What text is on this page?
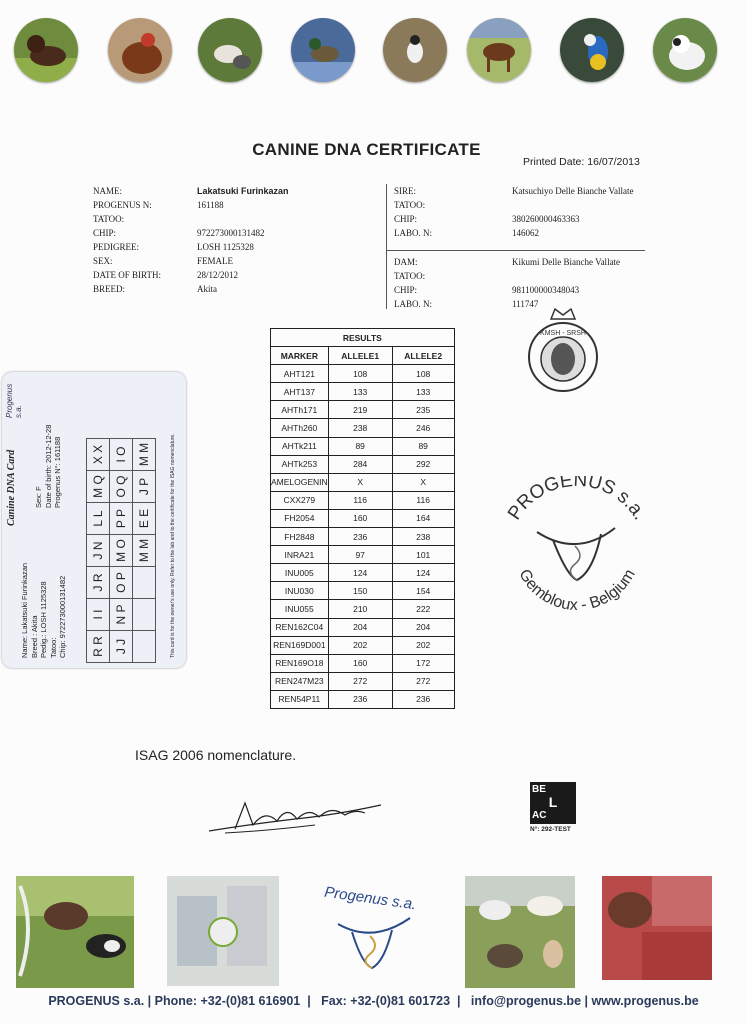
CANINE DNA CERTIFICATE
Printed Date: 16/07/2013
NAME:	Lakatsuki Furinkazan
PROGENUS N:	161188
TATOO:
CHIP:	972273000131482
PEDIGREE:	LOSH 1125328
SEX:	FEMALE
DATE OF BIRTH:	28/12/2012
BREED:	Akita
SIRE:	Katsuchiyo Delle Bianche Vallate
TATOO:
CHIP:	380260000463363
LABO. N:	146062
DAM:	Kikumi Delle Bianche Vallate
TATOO:
CHIP:	981100000348043
LABO. N:	111747
KMSH - SRSH
RESULTS		
MARKER	ALLELE1	ALLELE2
AHT121	108	108
AHT137	133	133
AHTh171	219	235
AHTh260	238	246
AHTk211	89	89
AHTk253	284	292
AMELOGENIN	X	X
CXX279	116	116
FH2054	160	164
FH2848	236	238
INRA21	97	101
INU005	124	124
INU030	150	154
INU055	210	222
REN162C04	204	204
REN169D001	202	202
REN169O18	160	172
REN247M23	272	272
REN54P11	236	236
PROGENUS s.a.
Gembloux - Belgium
Canine DNA Card
Progenus s.a.
Name: Lakatsuki Furinkazan Breed : Akita Pedig.: LOSH 1125328 Tatoo: Chip: 972273000131482
Sex: F Date of birth: 2012-12-28 Progenus N°: 161188
R R	I I	J R	J N	L L	M Q	X X
J J	N P	O P	M O	P P	O Q	I O
			M M	E E	J P	M M	This card is for the owner's use only. Refer to the lab and to the certificate for the ISAG nomenclature.
ISAG 2006 nomenclature.
BE
L
AC
N°: 292-TEST
Progenus s.a.
PROGENUS s.a. | Phone: +32-(0)81 616901  |   Fax: +32-(0)81 601723  |   info@progenus.be | www.progenus.be
